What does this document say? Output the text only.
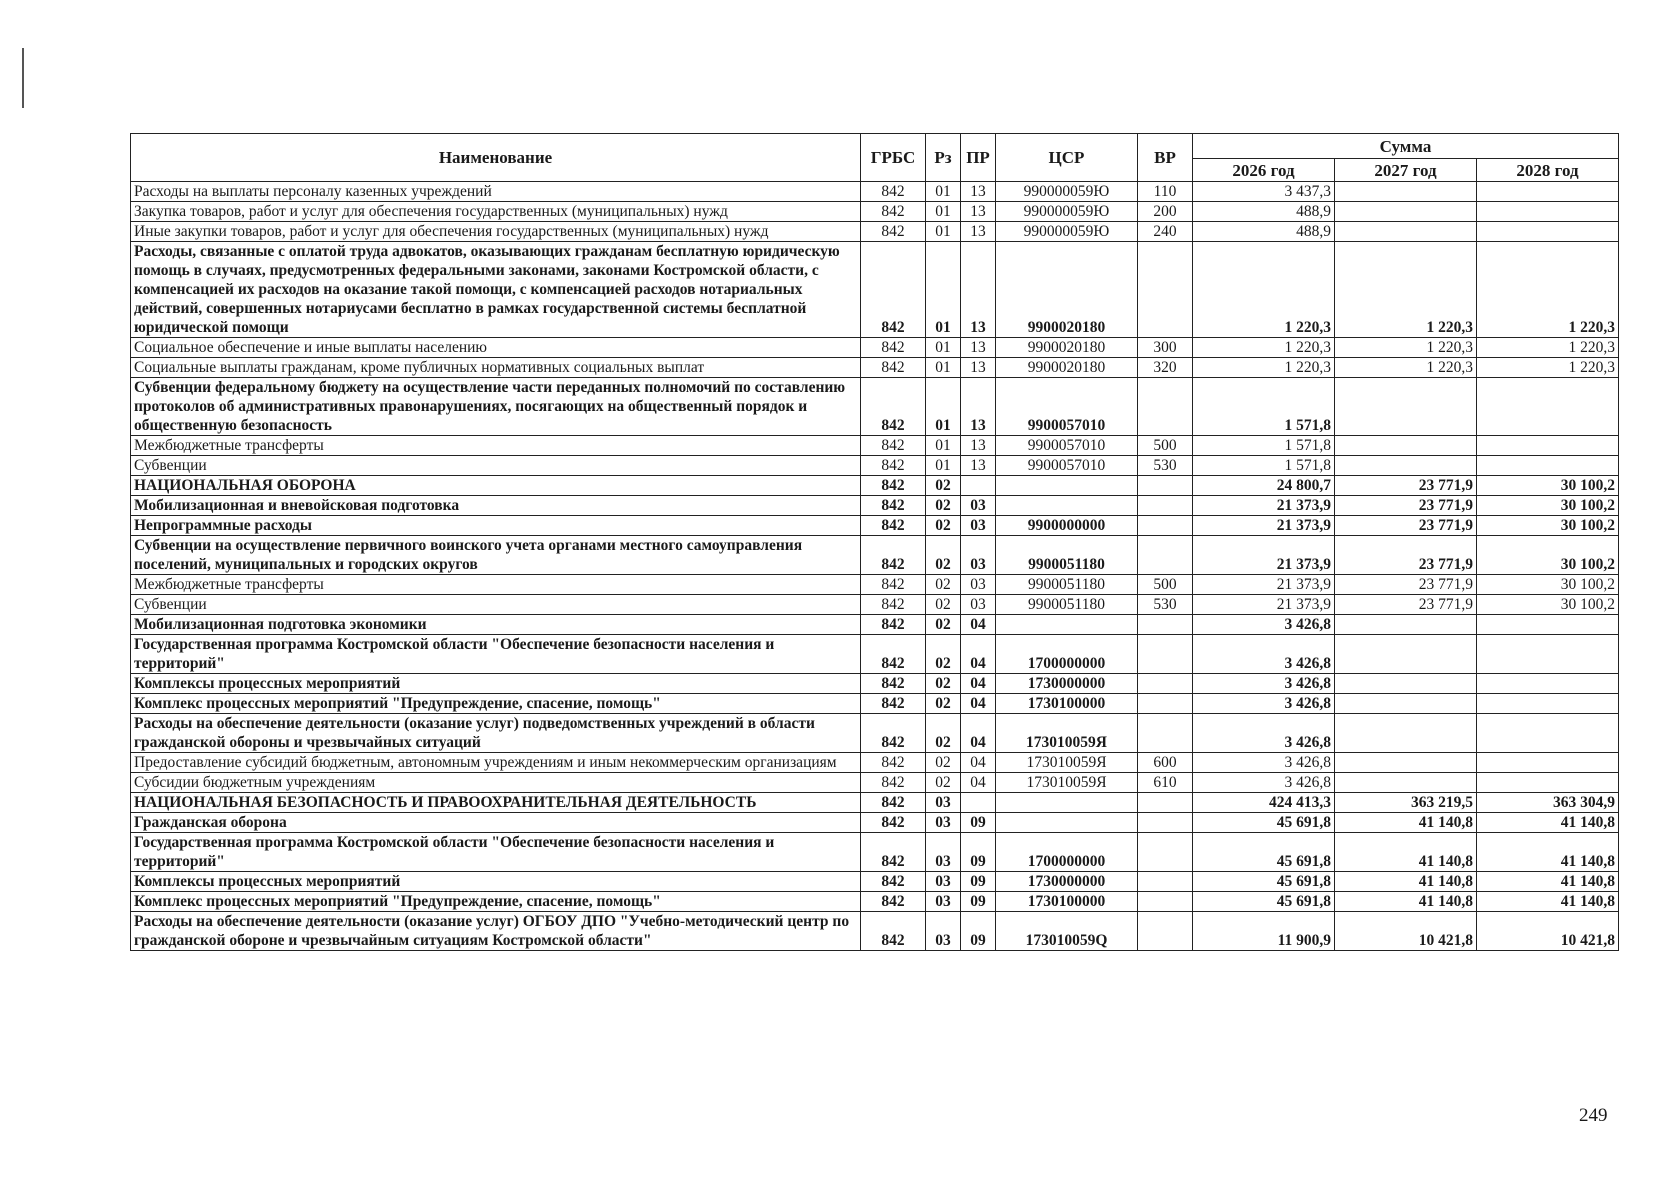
Наименование	ГРБС	Рз	ПР	ЦСР	ВР	Сумма		
						2026 год	2027 год	2028 год
Расходы на выплаты персоналу казенных учреждений	842	01	13	990000059Ю	110	3 437,3		
Закупка товаров, работ и услуг для обеспечения государственных (муниципальных) нужд	842	01	13	990000059Ю	200	488,9		
Иные закупки товаров, работ и услуг для обеспечения государственных (муниципальных) нужд	842	01	13	990000059Ю	240	488,9		
Расходы, связанные с оплатой труда адвокатов, оказывающих гражданам бесплатную юридическую помощь в случаях, предусмотренных федеральными законами, законами Костромской области, с компенсацией их расходов на оказание такой помощи, с компенсацией расходов нотариальных действий, совершенных нотариусами бесплатно в рамках государственной системы бесплатной юридической помощи	842	01	13	9900020180		1 220,3	1 220,3	1 220,3
Социальное обеспечение и иные выплаты населению	842	01	13	9900020180	300	1 220,3	1 220,3	1 220,3
Социальные выплаты гражданам, кроме публичных нормативных социальных выплат	842	01	13	9900020180	320	1 220,3	1 220,3	1 220,3
Субвенции федеральному бюджету на осуществление части переданных полномочий по составлению протоколов об административных правонарушениях, посягающих на общественный порядок и общественную безопасность	842	01	13	9900057010		1 571,8		
Межбюджетные трансферты	842	01	13	9900057010	500	1 571,8		
Субвенции	842	01	13	9900057010	530	1 571,8		
НАЦИОНАЛЬНАЯ ОБОРОНА	842	02				24 800,7	23 771,9	30 100,2
Мобилизационная и вневойсковая подготовка	842	02	03			21 373,9	23 771,9	30 100,2
Непрограммные расходы	842	02	03	9900000000		21 373,9	23 771,9	30 100,2
Субвенции на осуществление первичного воинского учета органами местного самоуправления поселений, муниципальных и городских округов	842	02	03	9900051180		21 373,9	23 771,9	30 100,2
Межбюджетные трансферты	842	02	03	9900051180	500	21 373,9	23 771,9	30 100,2
Субвенции	842	02	03	9900051180	530	21 373,9	23 771,9	30 100,2
Мобилизационная подготовка экономики	842	02	04			3 426,8		
Государственная программа Костромской области "Обеспечение безопасности населения и территорий"	842	02	04	1700000000		3 426,8		
Комплексы процессных мероприятий	842	02	04	1730000000		3 426,8		
Комплекс процессных мероприятий "Предупреждение, спасение, помощь"	842	02	04	1730100000		3 426,8		
Расходы на обеспечение деятельности (оказание услуг) подведомственных учреждений в области гражданской обороны и чрезвычайных ситуаций	842	02	04	173010059Я		3 426,8		
Предоставление субсидий бюджетным, автономным учреждениям и иным некоммерческим организациям	842	02	04	173010059Я	600	3 426,8		
Субсидии бюджетным учреждениям	842	02	04	173010059Я	610	3 426,8		
НАЦИОНАЛЬНАЯ БЕЗОПАСНОСТЬ И ПРАВООХРАНИТЕЛЬНАЯ ДЕЯТЕЛЬНОСТЬ	842	03				424 413,3	363 219,5	363 304,9
Гражданская оборона	842	03	09			45 691,8	41 140,8	41 140,8
Государственная программа Костромской области "Обеспечение безопасности населения и территорий"	842	03	09	1700000000		45 691,8	41 140,8	41 140,8
Комплексы процессных мероприятий	842	03	09	1730000000		45 691,8	41 140,8	41 140,8
Комплекс процессных мероприятий "Предупреждение, спасение, помощь"	842	03	09	1730100000		45 691,8	41 140,8	41 140,8
Расходы на обеспечение деятельности (оказание услуг) ОГБОУ ДПО "Учебно-методический центр по гражданской обороне и чрезвычайным ситуациям Костромской области"	842	03	09	173010059Q		11 900,9	10 421,8	10 421,8
249
